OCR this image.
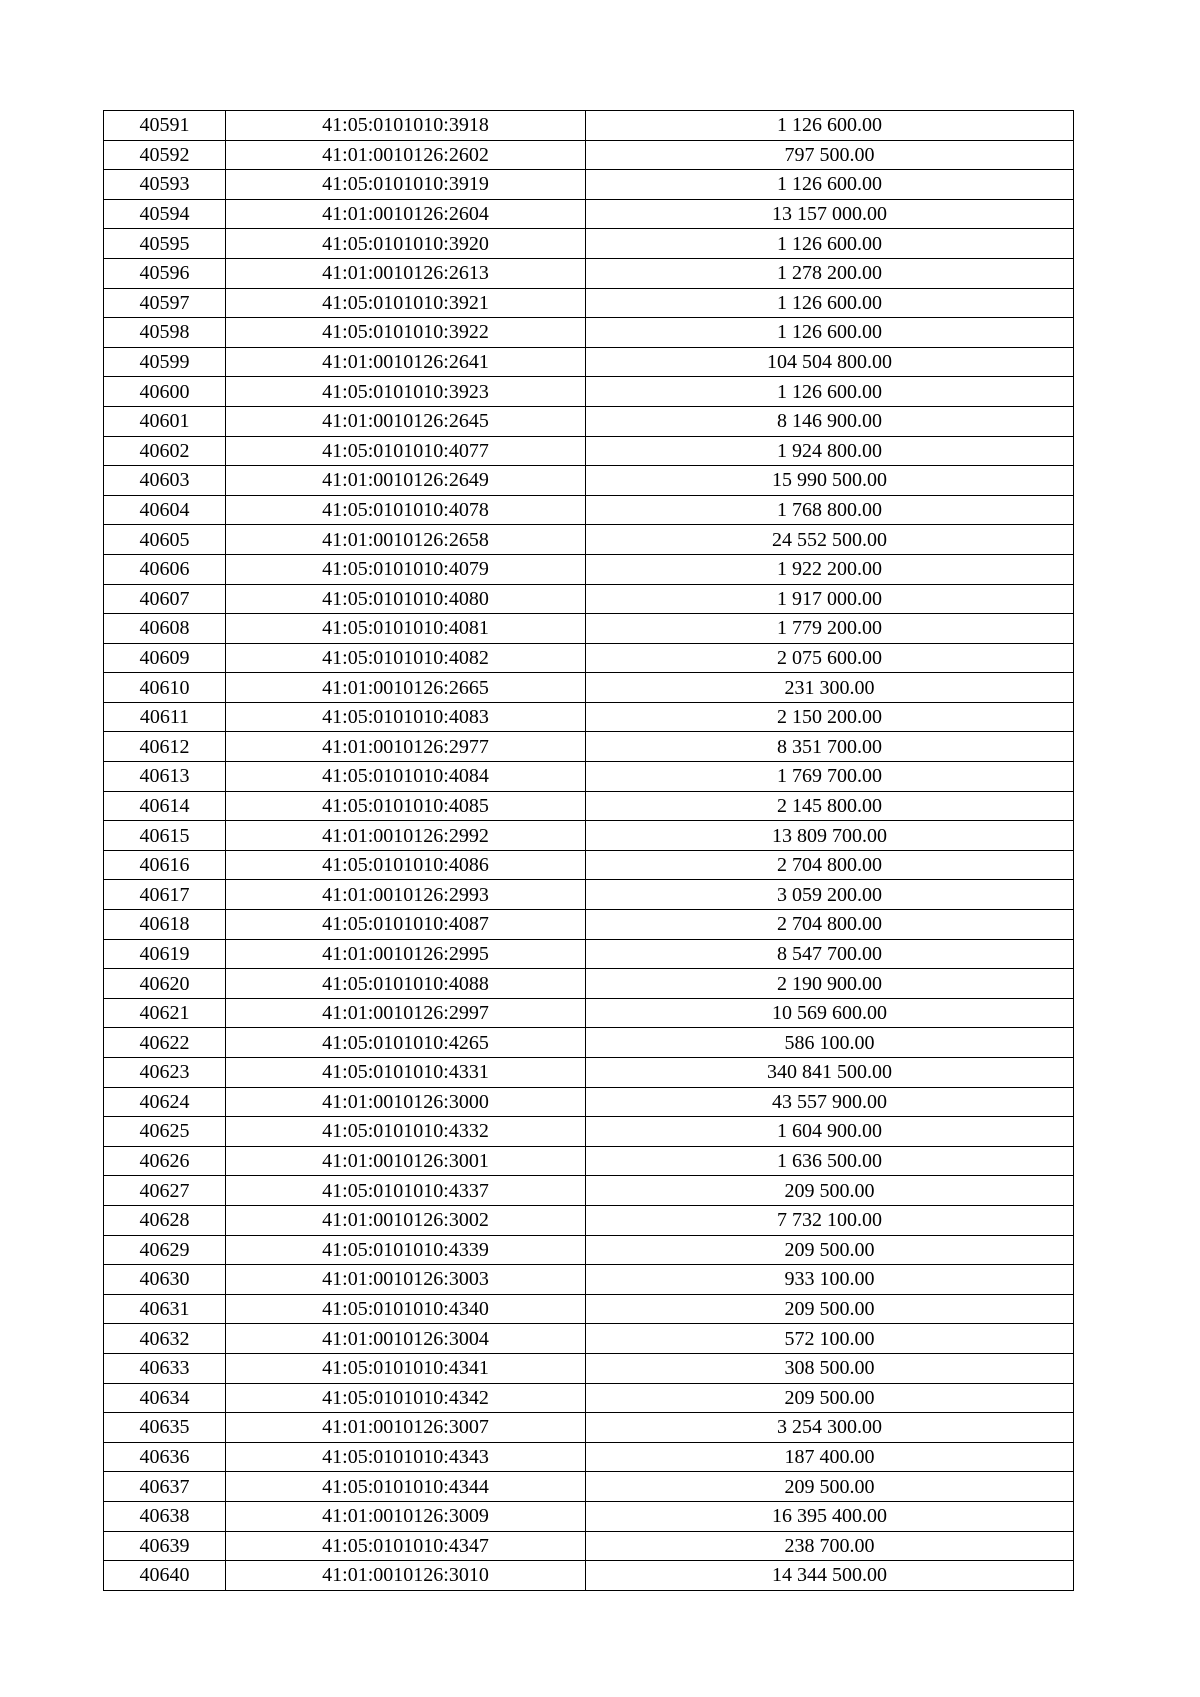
40591	41:05:0101010:3918	1 126 600.00
40592	41:01:0010126:2602	797 500.00
40593	41:05:0101010:3919	1 126 600.00
40594	41:01:0010126:2604	13 157 000.00
40595	41:05:0101010:3920	1 126 600.00
40596	41:01:0010126:2613	1 278 200.00
40597	41:05:0101010:3921	1 126 600.00
40598	41:05:0101010:3922	1 126 600.00
40599	41:01:0010126:2641	104 504 800.00
40600	41:05:0101010:3923	1 126 600.00
40601	41:01:0010126:2645	8 146 900.00
40602	41:05:0101010:4077	1 924 800.00
40603	41:01:0010126:2649	15 990 500.00
40604	41:05:0101010:4078	1 768 800.00
40605	41:01:0010126:2658	24 552 500.00
40606	41:05:0101010:4079	1 922 200.00
40607	41:05:0101010:4080	1 917 000.00
40608	41:05:0101010:4081	1 779 200.00
40609	41:05:0101010:4082	2 075 600.00
40610	41:01:0010126:2665	231 300.00
40611	41:05:0101010:4083	2 150 200.00
40612	41:01:0010126:2977	8 351 700.00
40613	41:05:0101010:4084	1 769 700.00
40614	41:05:0101010:4085	2 145 800.00
40615	41:01:0010126:2992	13 809 700.00
40616	41:05:0101010:4086	2 704 800.00
40617	41:01:0010126:2993	3 059 200.00
40618	41:05:0101010:4087	2 704 800.00
40619	41:01:0010126:2995	8 547 700.00
40620	41:05:0101010:4088	2 190 900.00
40621	41:01:0010126:2997	10 569 600.00
40622	41:05:0101010:4265	586 100.00
40623	41:05:0101010:4331	340 841 500.00
40624	41:01:0010126:3000	43 557 900.00
40625	41:05:0101010:4332	1 604 900.00
40626	41:01:0010126:3001	1 636 500.00
40627	41:05:0101010:4337	209 500.00
40628	41:01:0010126:3002	7 732 100.00
40629	41:05:0101010:4339	209 500.00
40630	41:01:0010126:3003	933 100.00
40631	41:05:0101010:4340	209 500.00
40632	41:01:0010126:3004	572 100.00
40633	41:05:0101010:4341	308 500.00
40634	41:05:0101010:4342	209 500.00
40635	41:01:0010126:3007	3 254 300.00
40636	41:05:0101010:4343	187 400.00
40637	41:05:0101010:4344	209 500.00
40638	41:01:0010126:3009	16 395 400.00
40639	41:05:0101010:4347	238 700.00
40640	41:01:0010126:3010	14 344 500.00
